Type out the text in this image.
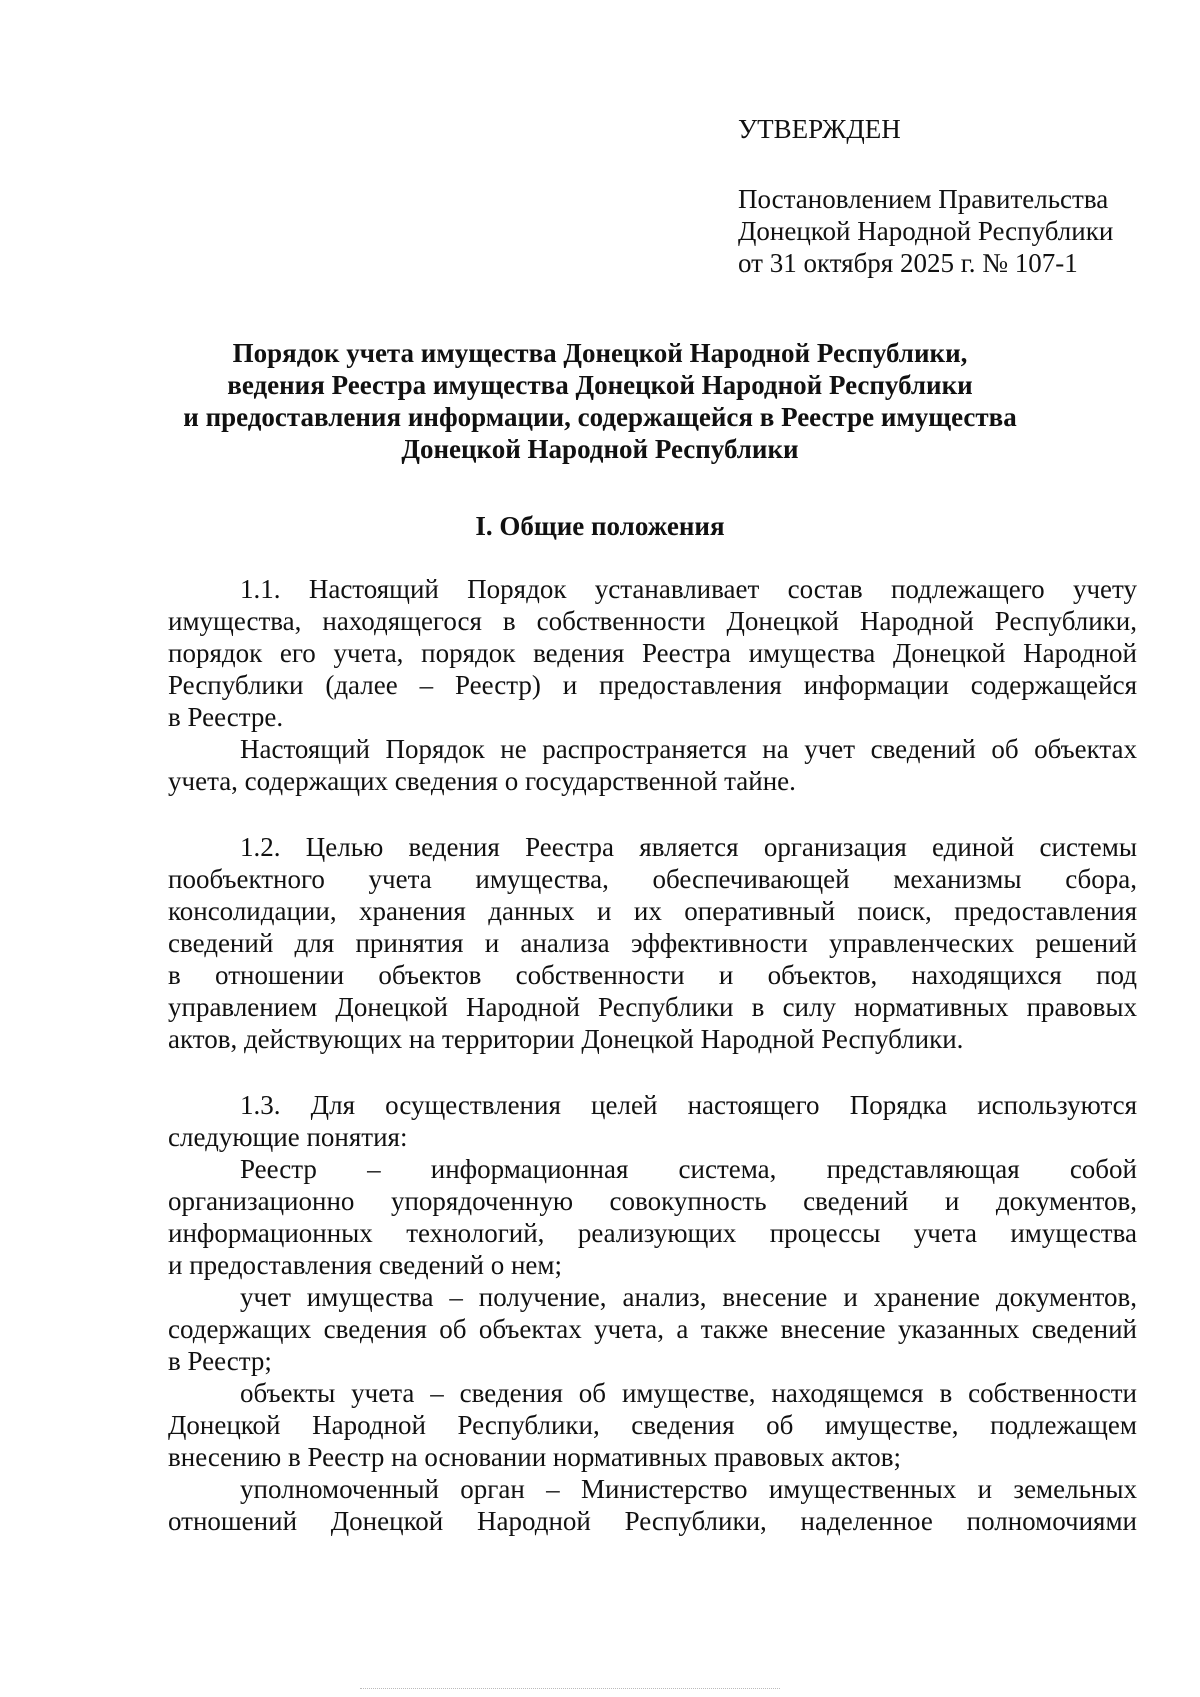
УТВЕРЖДЕН
Постановлением Правительства
Донецкой Народной Республики
от 31 октября 2025 г. № 107-1
Порядок учета имущества Донецкой Народной Республики,
ведения Реестра имущества Донецкой Народной Республики
и предоставления информации, содержащейся в Реестре имущества
Донецкой Народной Республики
I. Общие положения

1.1. Настоящий Порядок устанавливает состав подлежащего учету
имущества, находящегося в собственности Донецкой Народной Республики,
порядок его учета, порядок ведения Реестра имущества Донецкой Народной
Республики (далее – Реестр) и предоставления информации содержащейся
в Реестре.

Настоящий Порядок не распространяется на учет сведений об объектах
учета, содержащих сведения о государственной тайне.

1.2. Целью ведения Реестра является организация единой системы
пообъектного учета имущества, обеспечивающей механизмы сбора,
консолидации, хранения данных и их оперативный поиск, предоставления
сведений для принятия и анализа эффективности управленческих решений
в отношении объектов собственности и объектов, находящихся под
управлением Донецкой Народной Республики в силу нормативных правовых
актов, действующих на территории Донецкой Народной Республики.

1.3. Для осуществления целей настоящего Порядка используются
следующие понятия:

Реестр – информационная система, представляющая собой
организационно упорядоченную совокупность сведений и документов,
информационных технологий, реализующих процессы учета имущества
и предоставления сведений о нем;

учет имущества – получение, анализ, внесение и хранение документов,
содержащих сведения об объектах учета, а также внесение указанных сведений
в Реестр;

объекты учета – сведения об имуществе, находящемся в собственности
Донецкой Народной Республики, сведения об имуществе, подлежащем
внесению в Реестр на основании нормативных правовых актов;

уполномоченный орган – Министерство имущественных и земельных
отношений Донецкой Народной Республики, наделенное полномочиями
